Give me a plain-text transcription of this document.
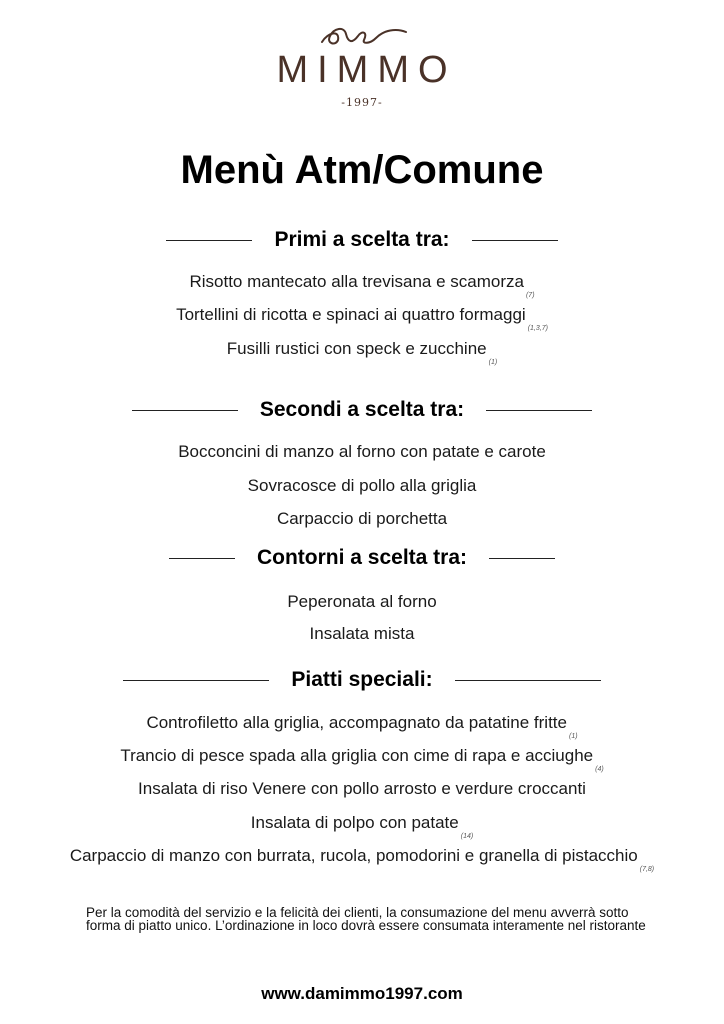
MIMMO
-1997-
Menù Atm/Comune
Primi a scelta tra:
Risotto mantecato alla trevisana e scamorza$_{(7)}$
Tortellini di ricotta e spinaci ai quattro formaggi$_{(1,3,7)}$
Fusilli rustici con speck e zucchine$_{(1)}$
Secondi a scelta tra:
Bocconcini di manzo al forno con patate e carote
Sovracosce di pollo alla griglia
Carpaccio di porchetta
Contorni a scelta tra:
Peperonata al forno
Insalata mista
Piatti speciali:
Controfiletto alla griglia, accompagnato da patatine fritte$_{(1)}$
Trancio di pesce spada alla griglia con cime di rapa e acciughe$_{(4)}$
Insalata di riso Venere con pollo arrosto e verdure croccanti
Insalata di polpo con patate$_{(14)}$
Carpaccio di manzo con burrata, rucola, pomodorini e granella di pistacchio$_{(7,8)}$
Per la comodità del servizio e la felicità dei clienti, la consumazione del menu avverrà sotto forma di piatto unico. L’ordinazione in loco dovrà essere consumata interamente nel ristorante
www.damimmo1997.com
